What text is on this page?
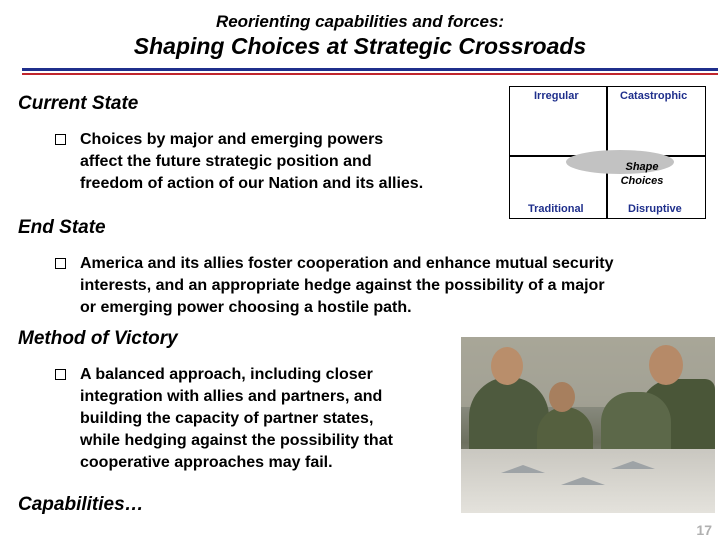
Reorienting capabilities and forces:
Shaping Choices at Strategic Crossroads
Current State
Choices by major and emerging powers
affect the future strategic position and
freedom of action of our Nation and its allies.
End State
America and its allies foster cooperation and enhance mutual security
interests, and an appropriate hedge against the possibility of a major
or emerging power choosing a hostile path.
Method of Victory
A balanced approach, including closer
integration with allies and partners, and
building the capacity of partner states,
while hedging against the possibility that
cooperative approaches may fail.
Capabilities…
Irregular	Catastrophic
Traditional	Disruptive
Shape
Choices
17
